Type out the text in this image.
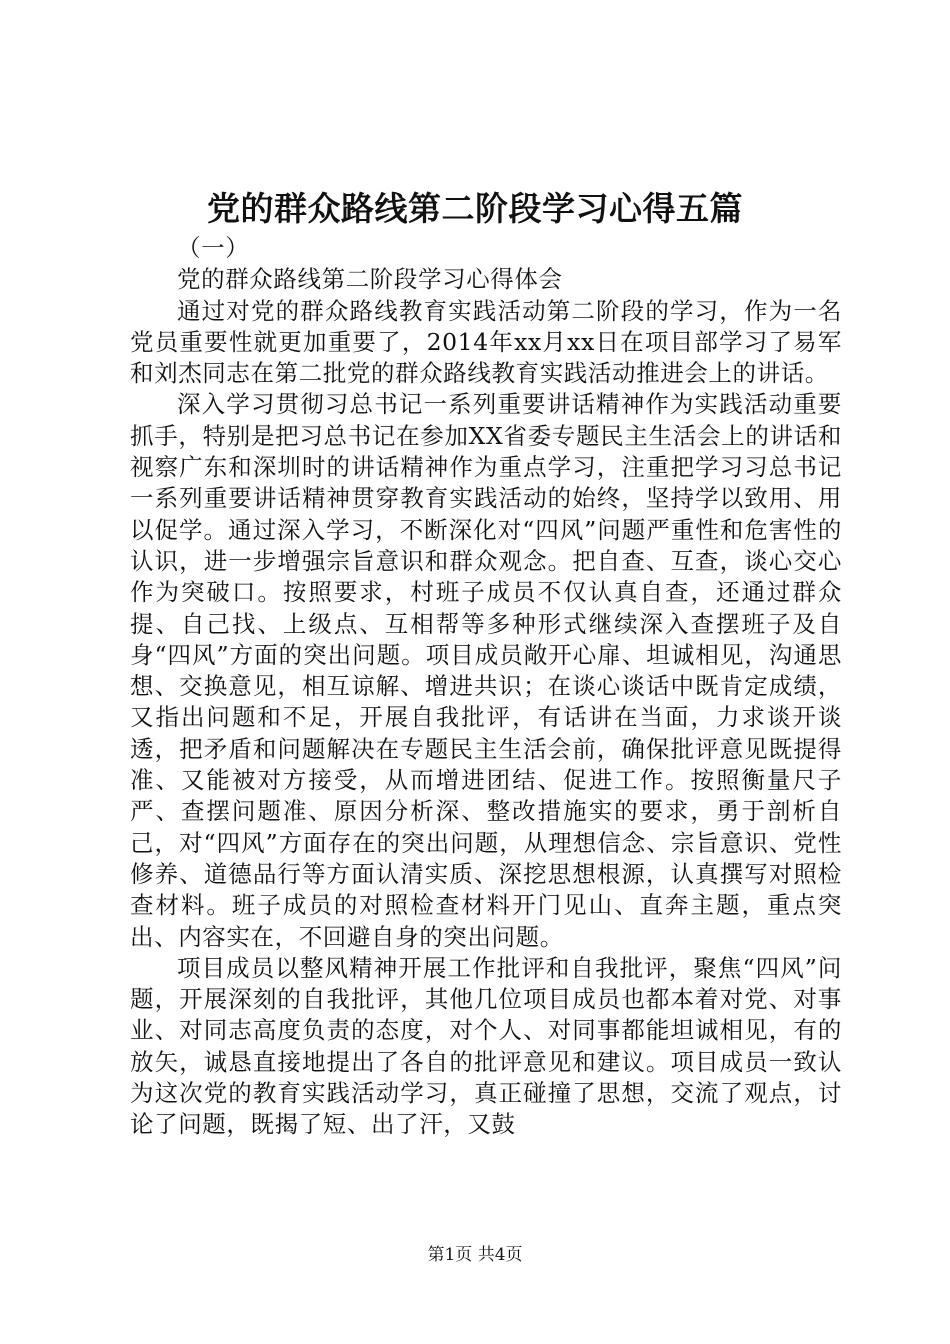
党的群众路线第二阶段学习心得五篇

（一）

党的群众路线第二阶段学习心得体会

通过对党的群众路线教育实践活动第二阶段的学习，作为一名党员重要性就更加重要了，2014年xx月xx日在项目部学习了易军和刘杰同志在第二批党的群众路线教育实践活动推进会上的讲话。

深入学习贯彻习总书记一系列重要讲话精神作为实践活动重要抓手，特别是把习总书记在参加XX省委专题民主生活会上的讲话和视察广东和深圳时的讲话精神作为重点学习，注重把学习习总书记一系列重要讲话精神贯穿教育实践活动的始终，坚持学以致用、用以促学。通过深入学习，不断深化对“四风”问题严重性和危害性的认识，进一步增强宗旨意识和群众观念。把自查、互查，谈心交心作为突破口。按照要求，村班子成员不仅认真自查，还通过群众提、自己找、上级点、互相帮等多种形式继续深入查摆班子及自身“四风”方面的突出问题。项目成员敞开心扉、坦诚相见，沟通思想、交换意见，相互谅解、增进共识；在谈心谈话中既肯定成绩，又指出问题和不足，开展自我批评，有话讲在当面，力求谈开谈透，把矛盾和问题解决在专题民主生活会前，确保批评意见既提得准、又能被对方接受，从而增进团结、促进工作。按照衡量尺子严、查摆问题准、原因分析深、整改措施实的要求，勇于剖析自己，对“四风”方面存在的突出问题，从理想信念、宗旨意识、党性修养、道德品行等方面认清实质、深挖思想根源，认真撰写对照检查材料。班子成员的对照检查材料开门见山、直奔主题，重点突出、内容实在，不回避自身的突出问题。

项目成员以整风精神开展工作批评和自我批评，聚焦“四风”问题，开展深刻的自我批评，其他几位项目成员也都本着对党、对事业、对同志高度负责的态度，对个人、对同事都能坦诚相见，有的放矢，诚恳直接地提出了各自的批评意见和建议。项目成员一致认为这次党的教育实践活动学习，真正碰撞了思想，交流了观点，讨论了问题，既揭了短、出了汗，又鼓

第1页 共4页
